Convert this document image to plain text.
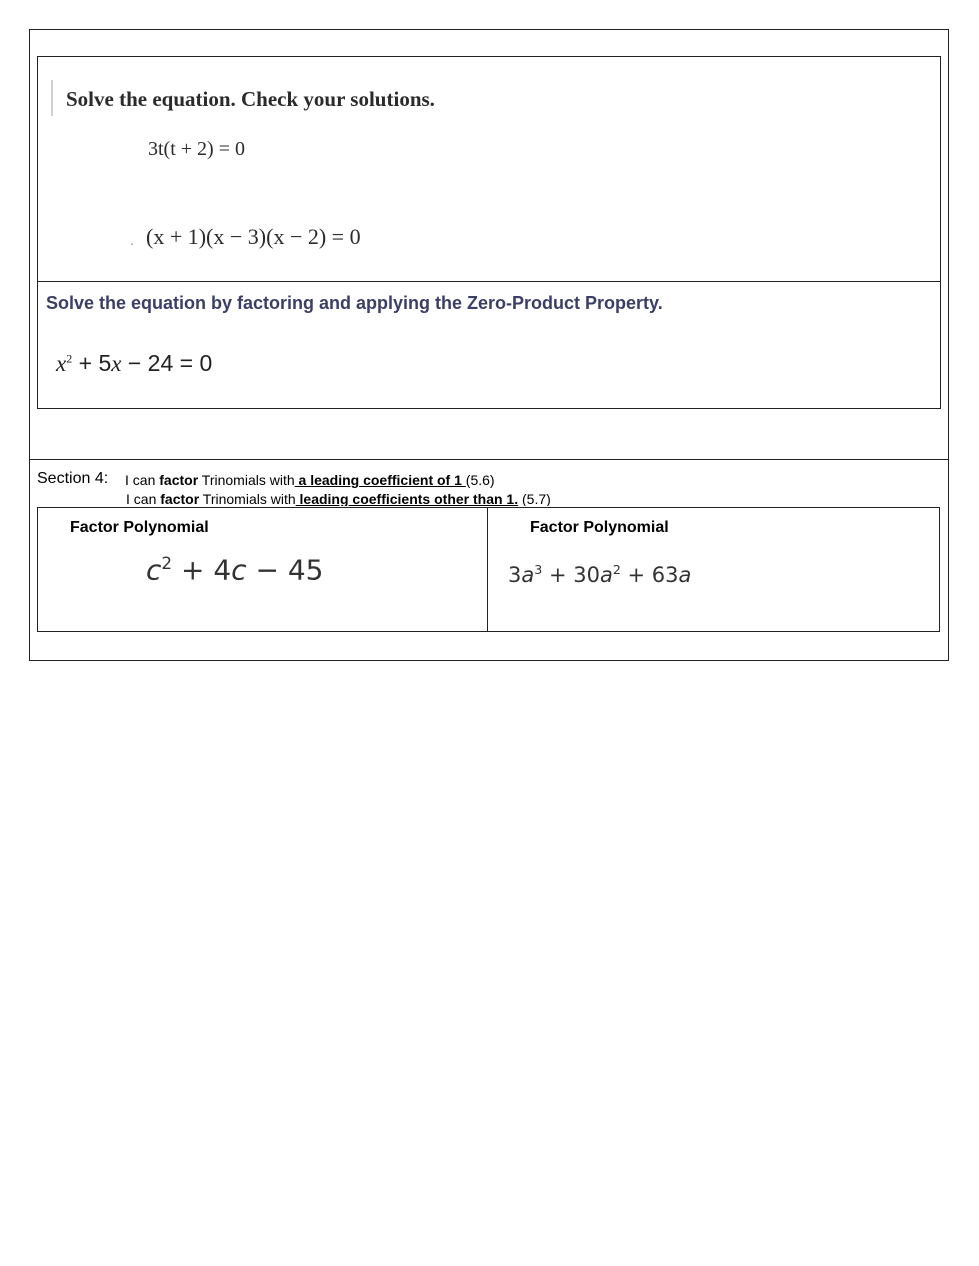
Solve the equation. Check your solutions.
3t(t + 2) = 0
. (x + 1)(x − 3)(x − 2) = 0
Solve the equation by factoring and applying the Zero-Product Property.
$x^2 + 5x - 24 = 0$
Section 4: I can factor Trinomials with a leading coefficient of 1 (5.6)
I can factor Trinomials with leading coefficients other than 1. (5.7)
Factor Polynomial
$c^2 + 4c - 45$
Factor Polynomial
$3a^3 + 30a^2 + 63a$
